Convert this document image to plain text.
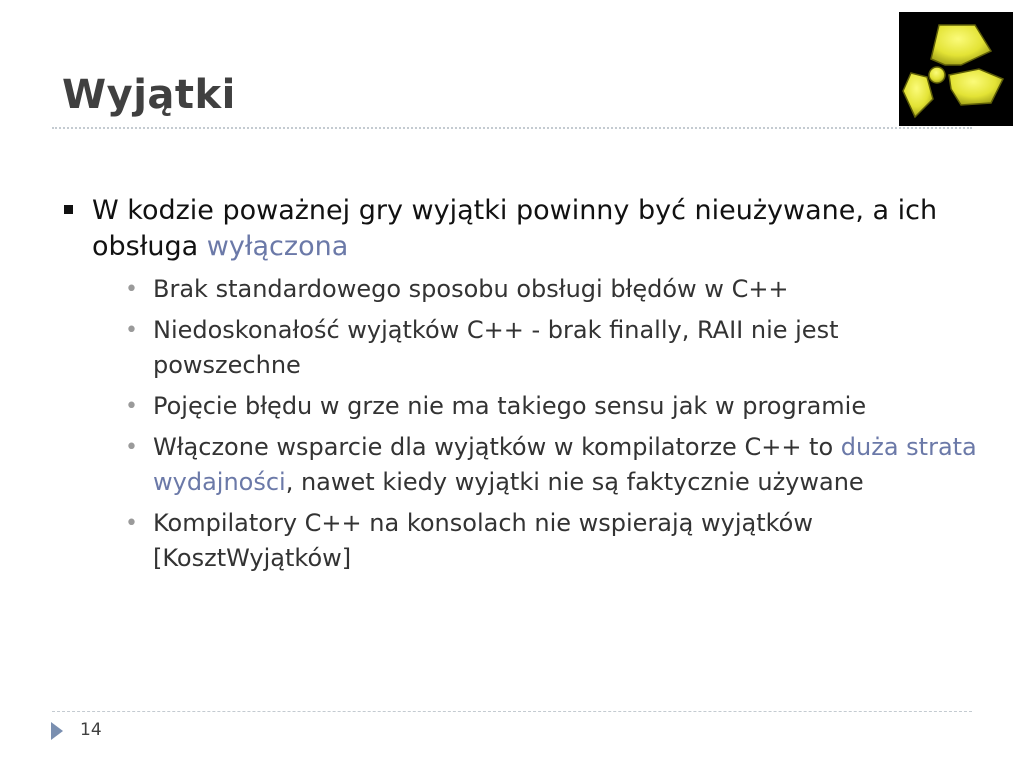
Wyjątki
W kodzie poważnej gry wyjątki powinny być nieużywane, a ich obsługa wyłączona
• Brak standardowego sposobu obsługi błędów w C++
• Niedoskonałość wyjątków C++ - brak finally, RAII nie jest powszechne
• Pojęcie błędu w grze nie ma takiego sensu jak w programie
• Włączone wsparcie dla wyjątków w kompilatorze C++ to duża strata wydajności, nawet kiedy wyjątki nie są faktycznie używane
• Kompilatory C++ na konsolach nie wspierają wyjątków [KosztWyjątków]
14
